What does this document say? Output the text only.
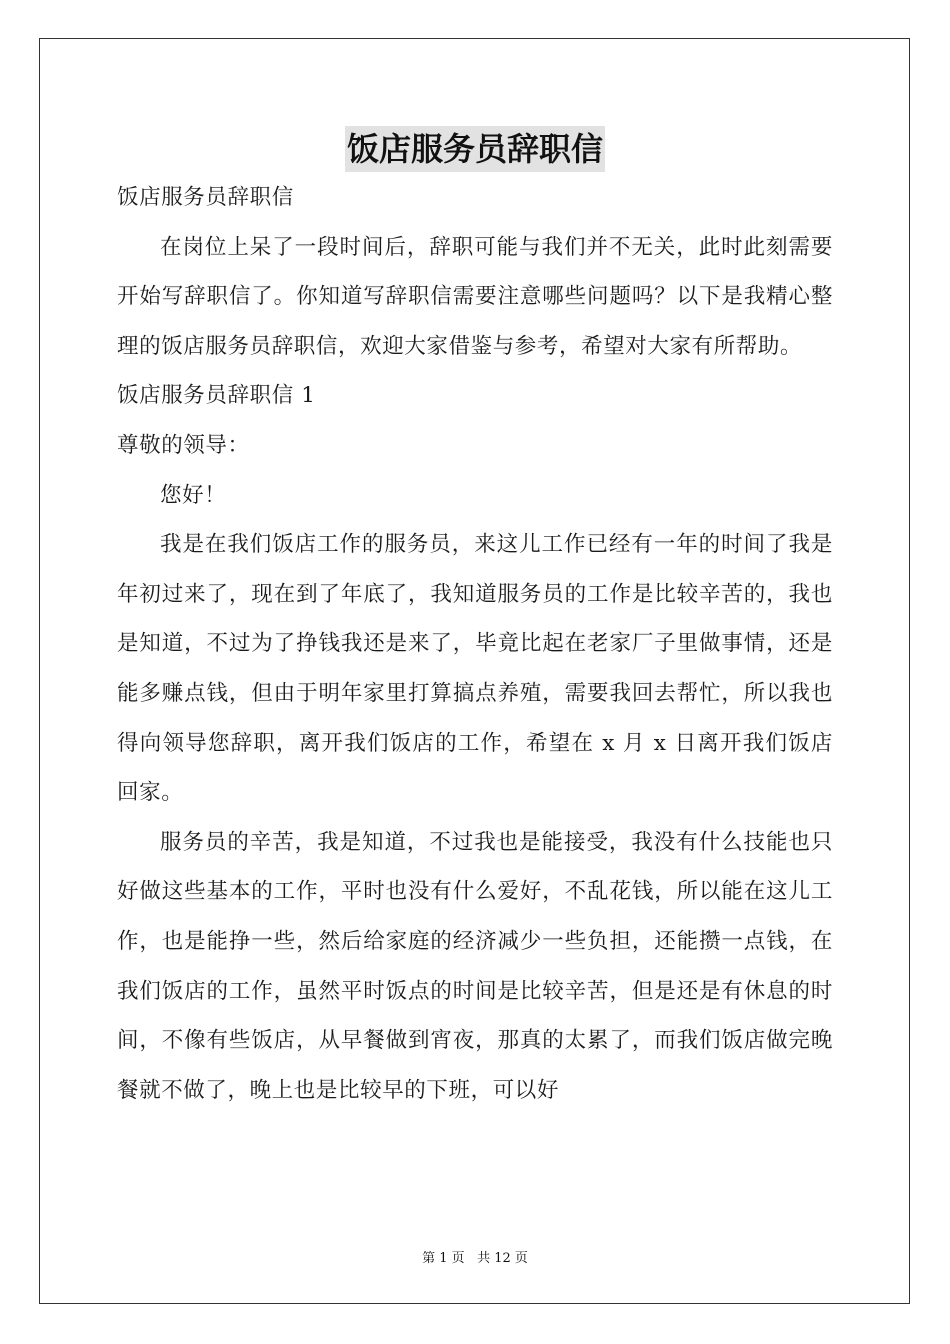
饭店服务员辞职信

饭店服务员辞职信

在岗位上呆了一段时间后，辞职可能与我们并不无关，此时此刻需要开始写辞职信了。你知道写辞职信需要注意哪些问题吗？以下是我精心整理的饭店服务员辞职信，欢迎大家借鉴与参考，希望对大家有所帮助。

饭店服务员辞职信 1

尊敬的领导：

您好！

我是在我们饭店工作的服务员，来这儿工作已经有一年的时间了我是年初过来了，现在到了年底了，我知道服务员的工作是比较辛苦的，我也是知道，不过为了挣钱我还是来了，毕竟比起在老家厂子里做事情，还是能多赚点钱，但由于明年家里打算搞点养殖，需要我回去帮忙，所以我也得向领导您辞职，离开我们饭店的工作，希望在 x 月 x 日离开我们饭店回家。

服务员的辛苦，我是知道，不过我也是能接受，我没有什么技能也只好做这些基本的工作，平时也没有什么爱好，不乱花钱，所以能在这儿工作，也是能挣一些，然后给家庭的经济减少一些负担，还能攒一点钱，在我们饭店的工作，虽然平时饭点的时间是比较辛苦，但是还是有休息的时间，不像有些饭店，从早餐做到宵夜，那真的太累了，而我们饭店做完晚餐就不做了，晚上也是比较早的下班，可以好

第 1 页 共 12 页
